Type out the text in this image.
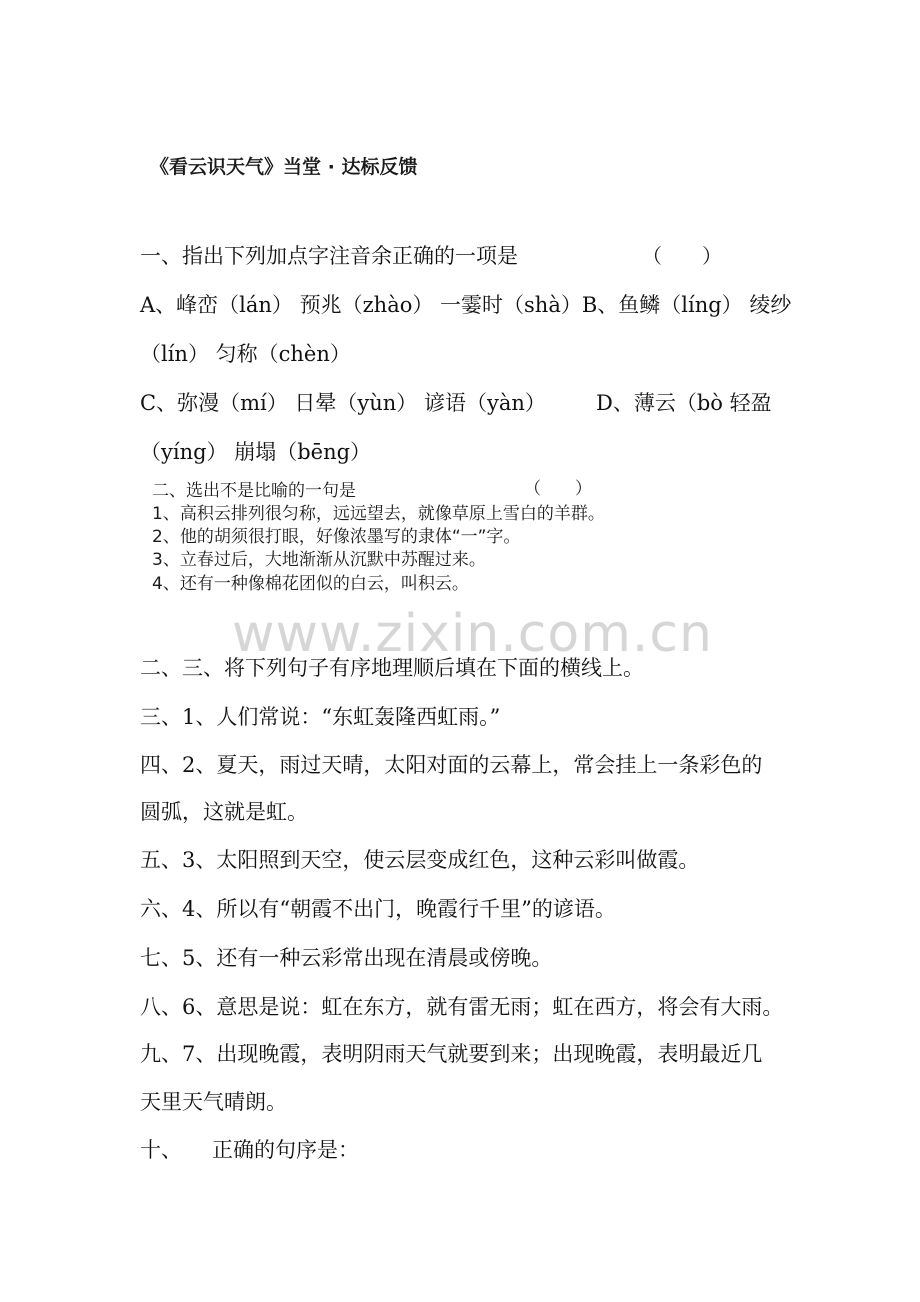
《看云识天气》当堂 · 达标反馈
一、指出下列加点字注音余正确的一项是	（　　）
A、峰峦（lán） 预兆（zhào） 一霎时（shà）B、鱼鳞（líng） 绫纱
（lín） 匀称（chèn）
C、弥漫（mí） 日晕（yùn） 谚语（yàn） D、薄云（bò 轻盈
（yíng） 崩塌（bēng）
二、选出不是比喻的一句是	（　　）
1、高积云排列很匀称，远远望去，就像草原上雪白的羊群。
2、他的胡须很打眼，好像浓墨写的隶体“一”字。
3、立春过后，大地渐渐从沉默中苏醒过来。
4、还有一种像棉花团似的白云，叫积云。
www.zixin.com.cn
二、三、将下列句子有序地理顺后填在下面的横线上。
三、1、人们常说：“东虹轰隆西虹雨。”
四、2、夏天，雨过天晴，太阳对面的云幕上，常会挂上一条彩色的
圆弧，这就是虹。
五、3、太阳照到天空，使云层变成红色，这种云彩叫做霞。
六、4、所以有“朝霞不出门，晚霞行千里”的谚语。
七、5、还有一种云彩常出现在清晨或傍晚。
八、6、意思是说：虹在东方，就有雷无雨；虹在西方，将会有大雨。
九、7、出现晚霞，表明阴雨天气就要到来；出现晚霞，表明最近几
天里天气晴朗。
十、 正确的句序是：
